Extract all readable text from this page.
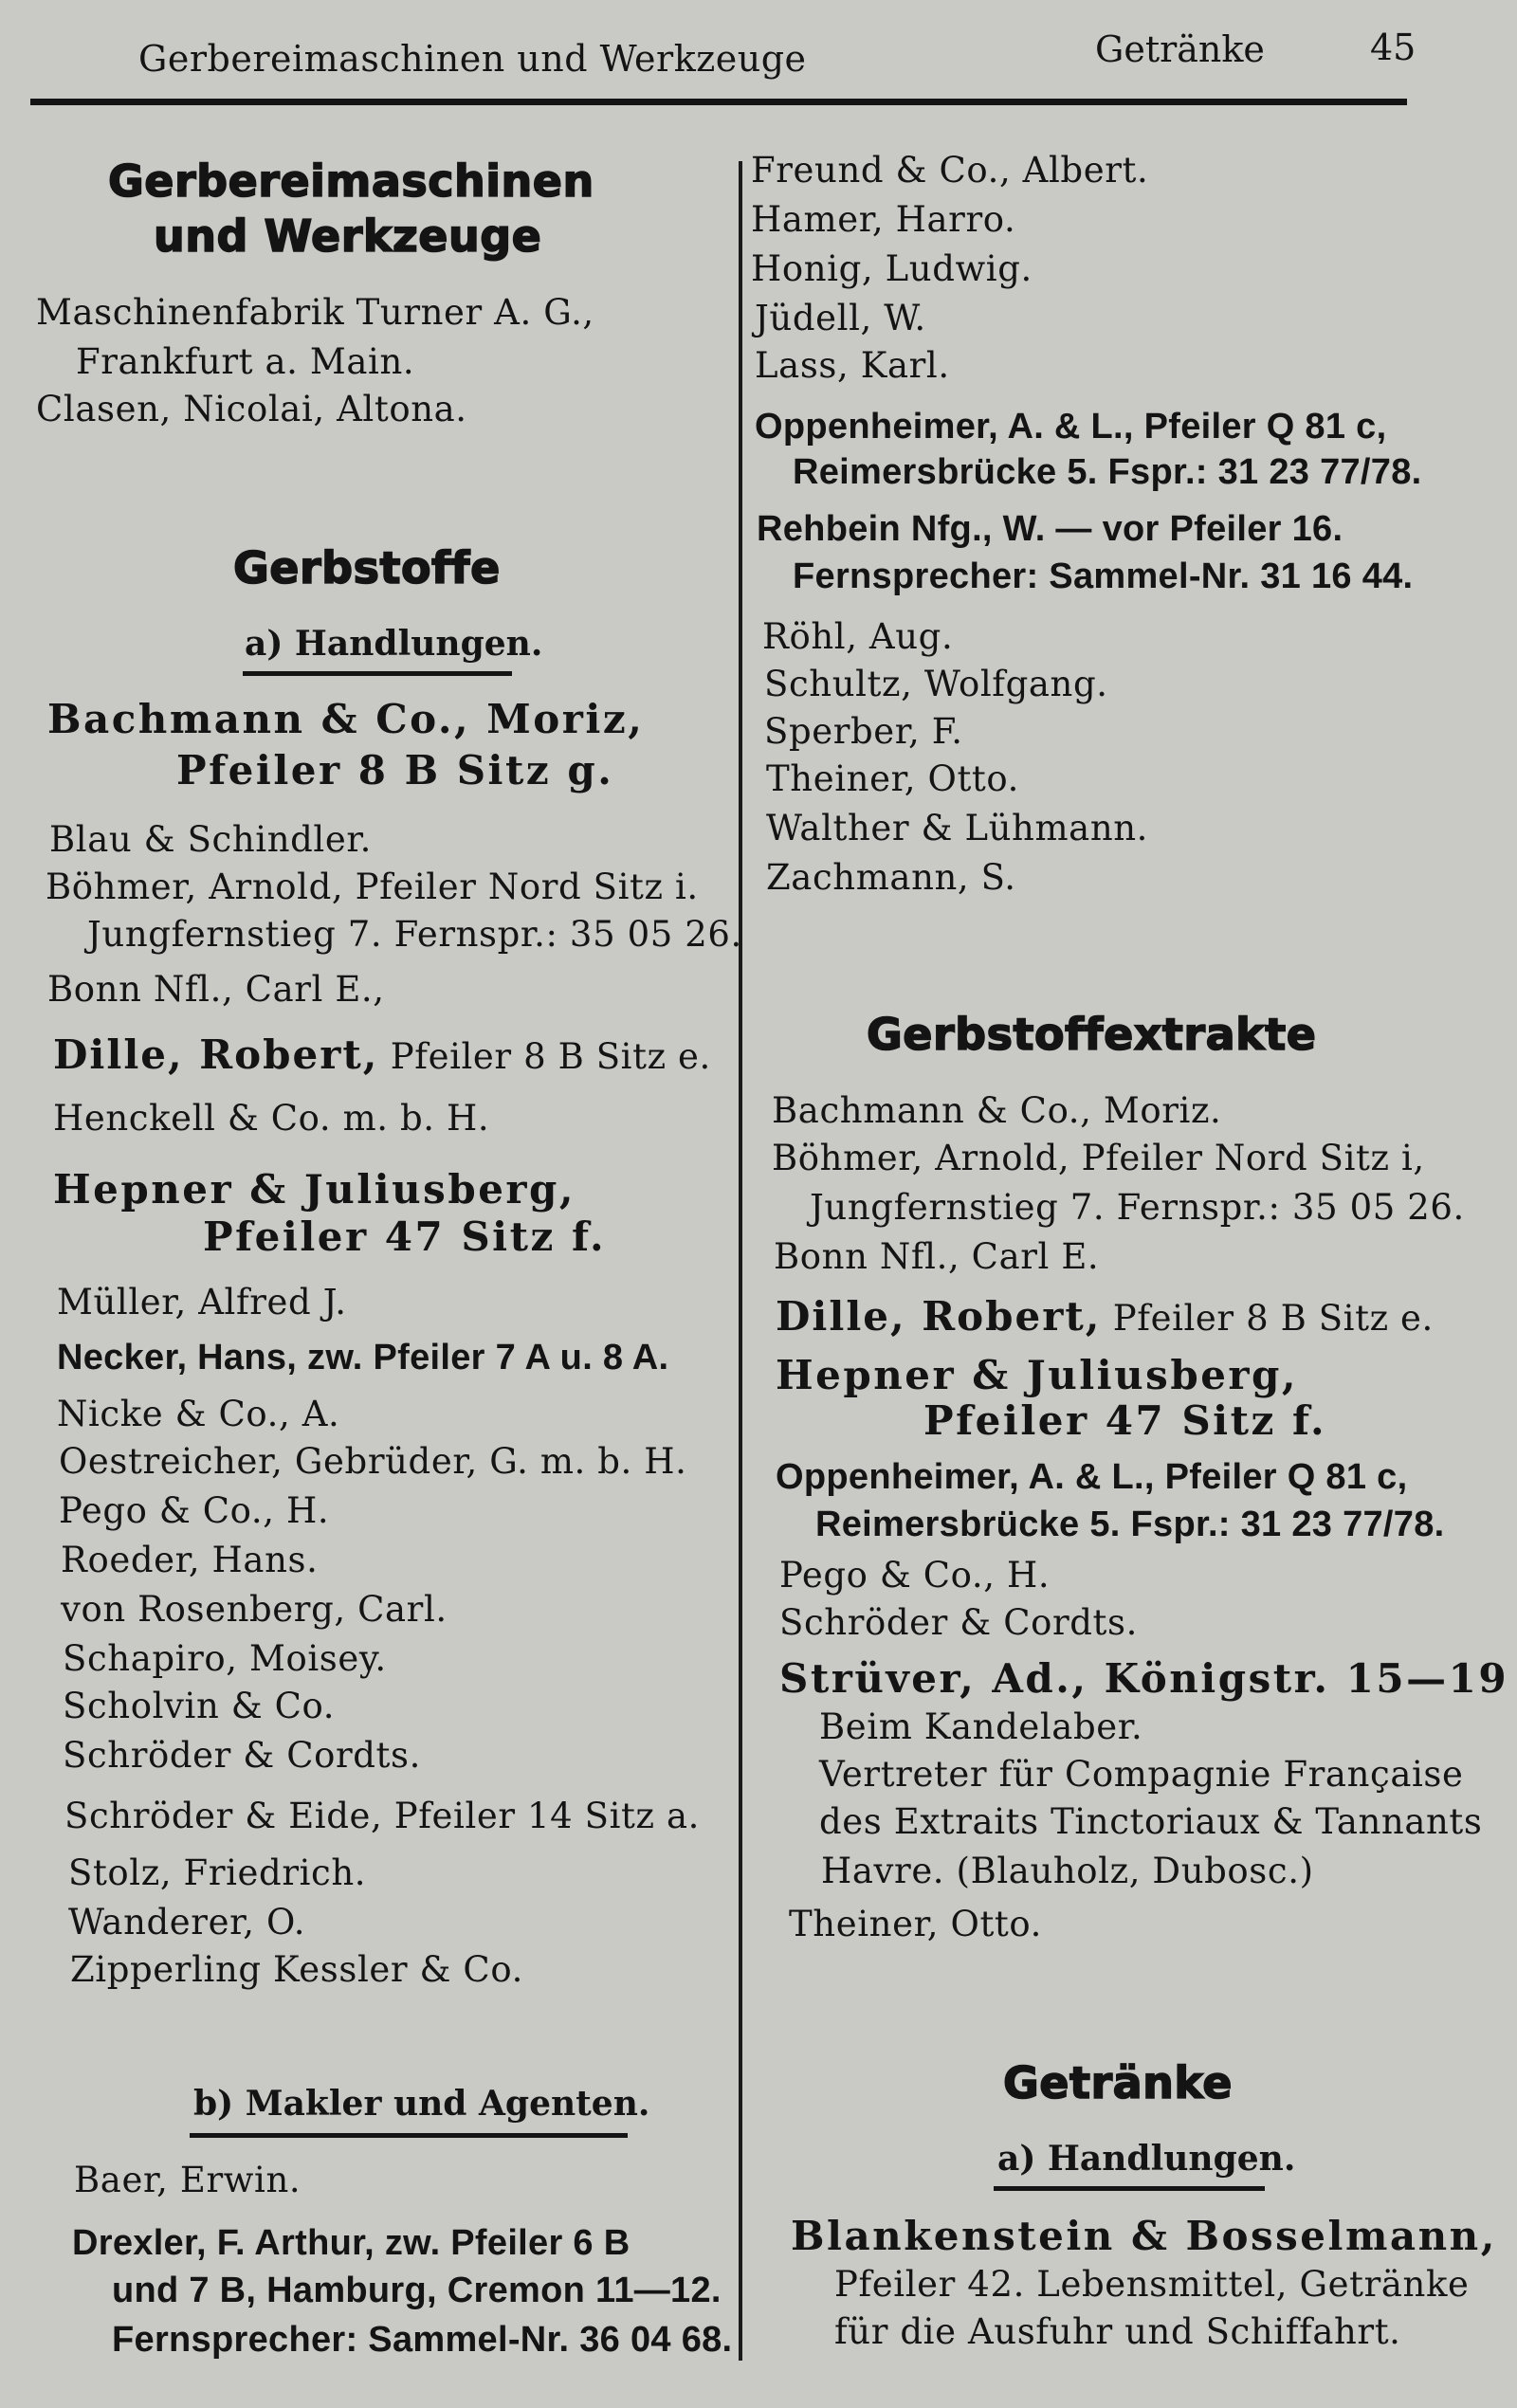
Gerbereimaschinen und Werkzeuge	Getränke	45
Gerbereimaschinen
und Werkzeuge
Maschinenfabrik Turner A. G.,
Frankfurt a. Main.
Clasen, Nicolai, Altona.
Gerbstoffe
a) Handlungen.
Bachmann & Co., Moriz,
Pfeiler 8 B Sitz g.
Blau & Schindler.
Böhmer, Arnold, Pfeiler Nord Sitz i.
Jungfernstieg 7. Fernspr.: 35 05 26.
Bonn Nfl., Carl E.,
Dille, Robert, Pfeiler 8 B Sitz e.
Henckell & Co. m. b. H.
Hepner & Juliusberg,
Pfeiler 47 Sitz f.
Müller, Alfred J.
Necker, Hans, zw. Pfeiler 7 A u. 8 A.
Nicke & Co., A.
Oestreicher, Gebrüder, G. m. b. H.
Pego & Co., H.
Roeder, Hans.
von Rosenberg, Carl.
Schapiro, Moisey.
Scholvin & Co.
Schröder & Cordts.
Schröder & Eide, Pfeiler 14 Sitz a.
Stolz, Friedrich.
Wanderer, O.
Zipperling Kessler & Co.
b) Makler und Agenten.
Baer, Erwin.
Drexler, F. Arthur, zw. Pfeiler 6 B
und 7 B, Hamburg, Cremon 11—12.
Fernsprecher: Sammel-Nr. 36 04 68.
Freund & Co., Albert.
Hamer, Harro.
Honig, Ludwig.
Jüdell, W.
Lass, Karl.
Oppenheimer, A. & L., Pfeiler Q 81 c,
Reimersbrücke 5. Fspr.: 31 23 77/78.
Rehbein Nfg., W. — vor Pfeiler 16.
Fernsprecher: Sammel-Nr. 31 16 44.
Röhl, Aug.
Schultz, Wolfgang.
Sperber, F.
Theiner, Otto.
Walther & Lühmann.
Zachmann, S.
Gerbstoffextrakte
Bachmann & Co., Moriz.
Böhmer, Arnold, Pfeiler Nord Sitz i,
Jungfernstieg 7. Fernspr.: 35 05 26.
Bonn Nfl., Carl E.
Dille, Robert, Pfeiler 8 B Sitz e.
Hepner & Juliusberg,
Pfeiler 47 Sitz f.
Oppenheimer, A. & L., Pfeiler Q 81 c,
Reimersbrücke 5. Fspr.: 31 23 77/78.
Pego & Co., H.
Schröder & Cordts.
Strüver, Ad., Königstr. 15—19
Beim Kandelaber.
Vertreter für Compagnie Française
des Extraits Tinctoriaux & Tannants
Havre. (Blauholz, Dubosc.)
Theiner, Otto.
Getränke
a) Handlungen.
Blankenstein & Bosselmann,
Pfeiler 42. Lebensmittel, Getränke
für die Ausfuhr und Schiffahrt.
